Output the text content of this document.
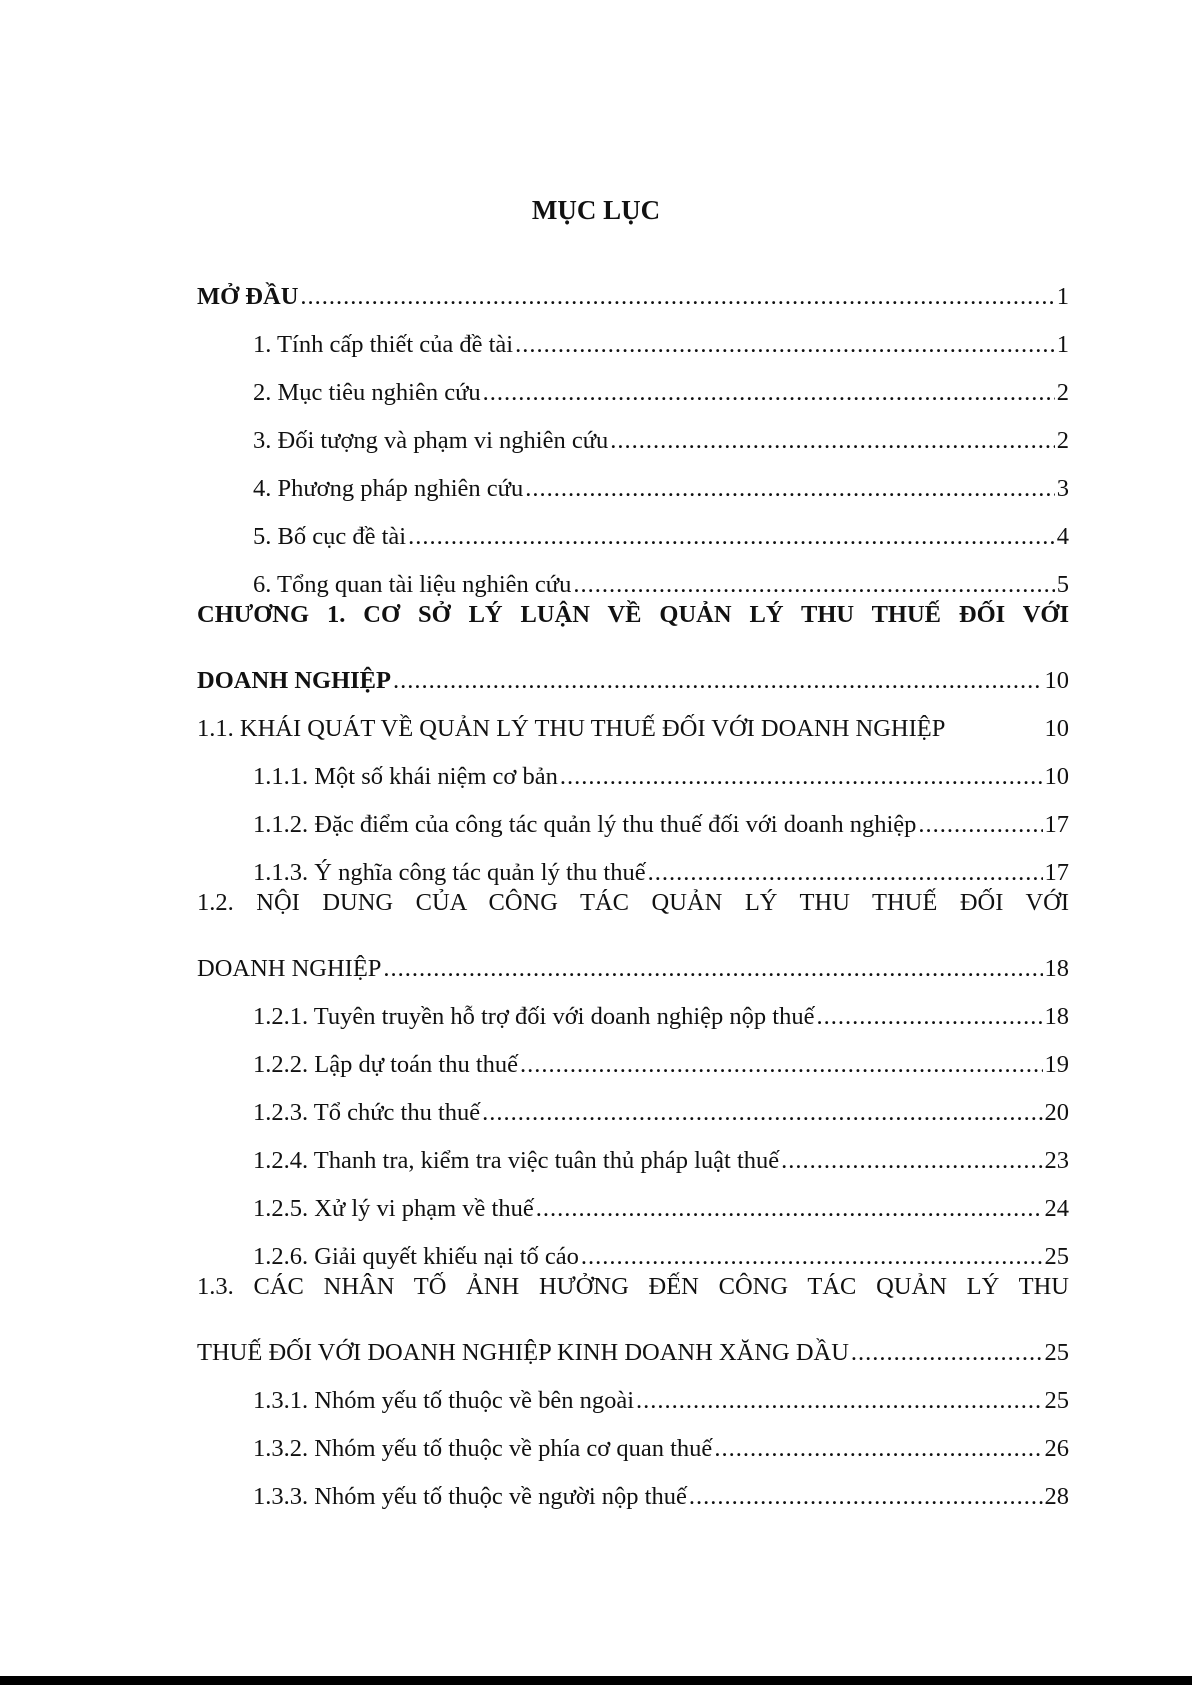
MỤC LỤC
MỞ ĐẦU .....	1
1. Tính cấp thiết của đề tài .....	1
2. Mục tiêu nghiên cứu .....	2
3. Đối tượng và phạm vi nghiên cứu .....	2
4. Phương pháp nghiên cứu .....	3
5. Bố cục đề tài .....	4
6. Tổng quan tài liệu nghiên cứu .....	5
CHƯƠNG 1. CƠ SỞ LÝ LUẬN VỀ QUẢN LÝ THU THUẾ ĐỐI VỚI
DOANH NGHIỆP .....	10
1.1. KHÁI QUÁT VỀ QUẢN LÝ THU THUẾ ĐỐI VỚI DOANH NGHIỆP	10
1.1.1. Một số khái niệm cơ bản .....	10
1.1.2. Đặc điểm của công tác quản lý thu thuế đối với doanh nghiệp .....	17
1.1.3. Ý nghĩa công tác quản lý thu thuế .....	17
1.2. NỘI DUNG CỦA CÔNG TÁC QUẢN LÝ THU THUẾ ĐỐI VỚI
DOANH NGHIỆP .....	18
1.2.1. Tuyên truyền hỗ trợ đối với doanh nghiệp nộp thuế .....	18
1.2.2. Lập dự toán thu thuế .....	19
1.2.3. Tổ chức thu thuế .....	20
1.2.4. Thanh tra, kiểm tra việc tuân thủ pháp luật thuế .....	23
1.2.5. Xử lý vi phạm về thuế .....	24
1.2.6. Giải quyết khiếu nại tố cáo .....	25
1.3. CÁC NHÂN TỐ ẢNH HƯỞNG ĐẾN CÔNG TÁC QUẢN LÝ THU
THUẾ ĐỐI VỚI DOANH NGHIỆP KINH DOANH XĂNG DẦU .....	25
1.3.1. Nhóm yếu tố thuộc về bên ngoài .....	25
1.3.2. Nhóm yếu tố thuộc về phía cơ quan thuế .....	26
1.3.3. Nhóm yếu tố thuộc về người nộp thuế .....	28
